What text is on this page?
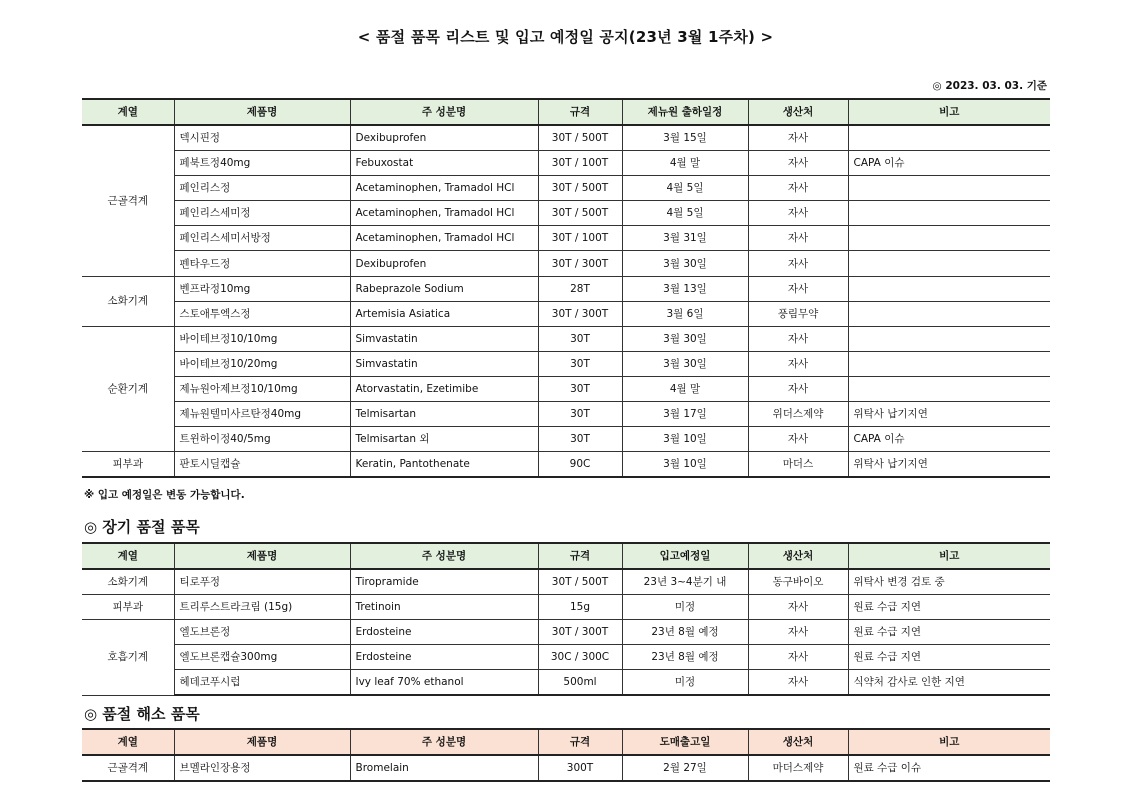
< 품절 품목 리스트 및 입고 예정일 공지(23년 3월 1주차) >
◎ 2023. 03. 03. 기준
계열	제품명	주 성분명	규격	제뉴원 출하일정	생산처	비고
근골격계	덱시핀정	Dexibuprofen	30T / 500T	3월 15일	자사	
	페북트정40mg	Febuxostat	30T / 100T	4월 말	자사	CAPA 이슈
	페인리스정	Acetaminophen, Tramadol HCl	30T / 500T	4월 5일	자사	
	페인리스세미정	Acetaminophen, Tramadol HCl	30T / 500T	4월 5일	자사	
	페인리스세미서방정	Acetaminophen, Tramadol HCl	30T / 100T	3월 31일	자사	
	펜타우드정	Dexibuprofen	30T / 300T	3월 30일	자사	
소화기계	벤프라정10mg	Rabeprazole Sodium	28T	3월 13일	자사	
	스토애투엑스정	Artemisia Asiatica	30T / 300T	3월 6일	풍림무약	
순환기계	바이테브정10/10mg	Simvastatin	30T	3월 30일	자사	
	바이테브정10/20mg	Simvastatin	30T	3월 30일	자사	
	제뉴원아제브정10/10mg	Atorvastatin, Ezetimibe	30T	4월 말	자사	
	제뉴원텔미사르탄정40mg	Telmisartan	30T	3월 17일	위더스제약	위탁사 납기지연
	트윈하이정40/5mg	Telmisartan 외	30T	3월 10일	자사	CAPA 이슈
피부과	판토시딜캡슐	Keratin, Pantothenate	90C	3월 10일	마더스	위탁사 납기지연
※ 입고 예정일은 변동 가능합니다.
◎ 장기 품절 품목
계열	제품명	주 성분명	규격	입고예정일	생산처	비고
소화기계	티로푸정	Tiropramide	30T / 500T	23년 3~4분기 내	동구바이오	위탁사 변경 검토 중
피부과	트리루스트라크림 (15g)	Tretinoin	15g	미정	자사	원료 수급 지연
호흡기계	엘도브론정	Erdosteine	30T / 300T	23년 8월 예정	자사	원료 수급 지연
	엘도브론캡슐300mg	Erdosteine	30C / 300C	23년 8월 예정	자사	원료 수급 지연
	헤데코푸시럽	Ivy leaf 70% ethanol	500ml	미정	자사	식약처 감사로 인한 지연
◎ 품절 해소 품목
계열	제품명	주 성분명	규격	도매출고일	생산처	비고
근골격계	브멜라인장용정	Bromelain	300T	2월 27일	마더스제약	원료 수급 이슈
